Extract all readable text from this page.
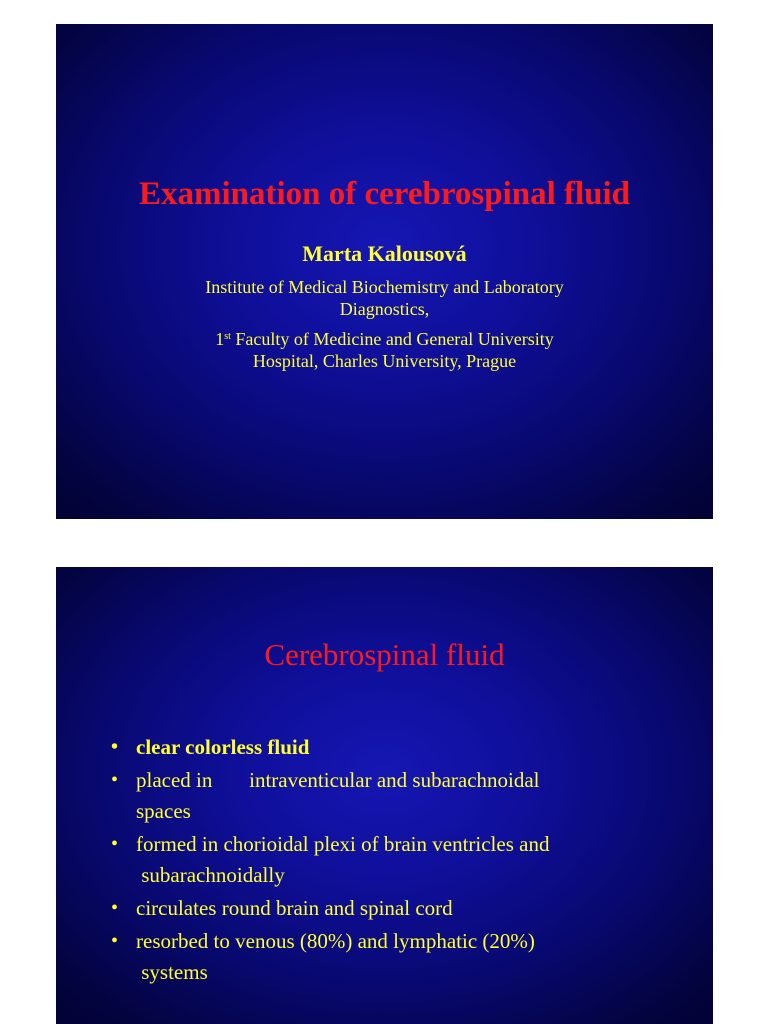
Examination of cerebrospinal fluid
Marta Kalousová
Institute of Medical Biochemistry and Laboratory
Diagnostics,
1st Faculty of Medicine and General University
Hospital, Charles University, Prague
Cerebrospinal fluid
• clear colorless fluid
• placed in       intraventicular and subarachnoidal
spaces
• formed in chorioidal plexi of brain ventricles and
subarachnoidally
• circulates round brain and spinal cord
• resorbed to venous (80%) and lymphatic (20%)
systems
